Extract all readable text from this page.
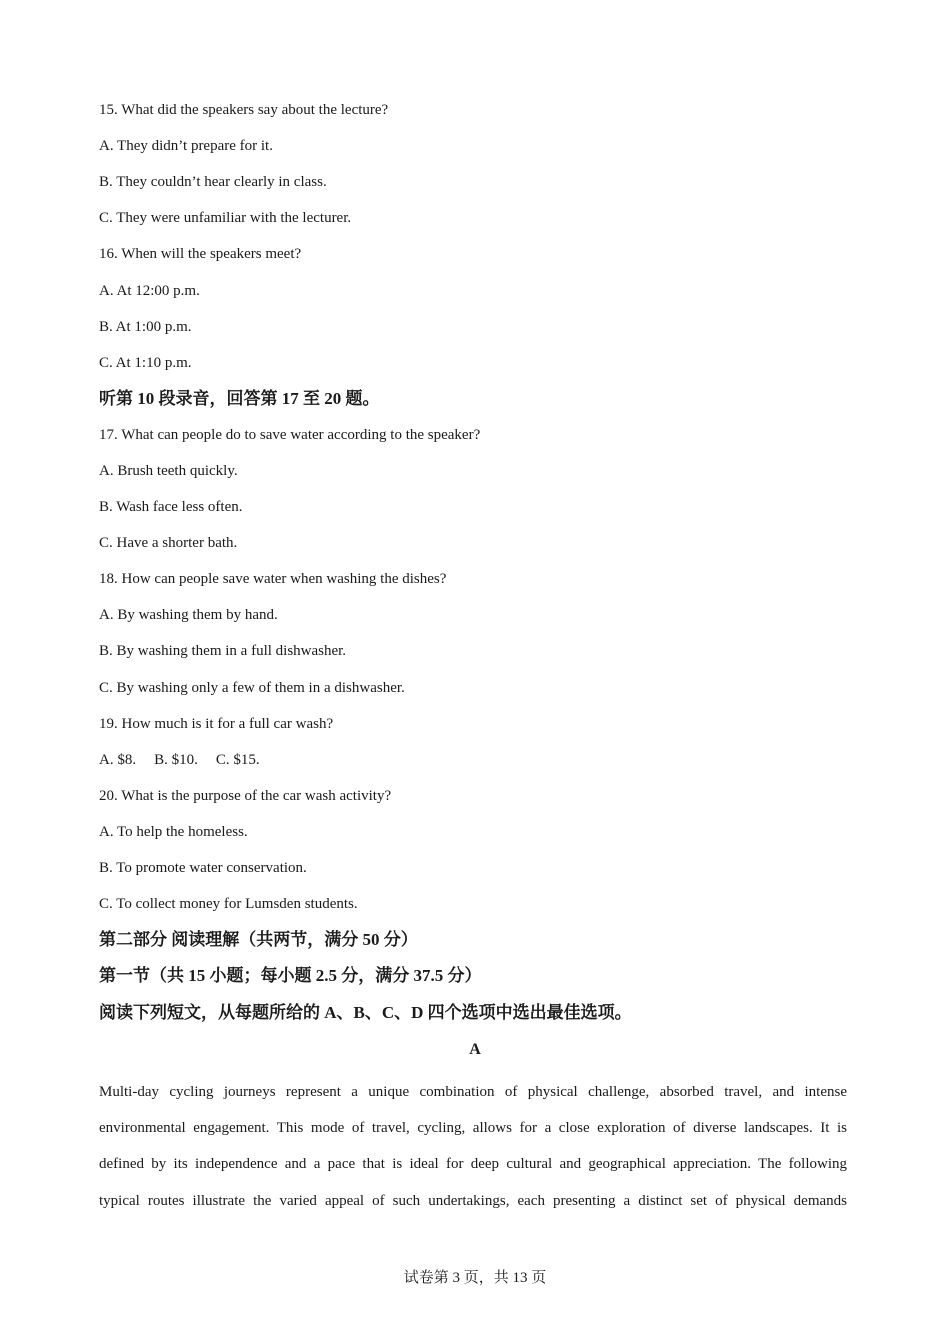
15. What did the speakers say about the lecture?
A. They didn’t prepare for it.
B. They couldn’t hear clearly in class.
C. They were unfamiliar with the lecturer.
16. When will the speakers meet?
A. At 12:00 p.m.
B. At 1:00 p.m.
C. At 1:10 p.m.
听第 10 段录音，回答第 17 至 20 题。
17. What can people do to save water according to the speaker?
A. Brush teeth quickly.
B. Wash face less often.
C. Have a shorter bath.
18. How can people save water when washing the dishes?
A. By washing them by hand.
B. By washing them in a full dishwasher.
C. By washing only a few of them in a dishwasher.
19. How much is it for a full car wash?
A. $8. B. $10. C. $15.
20. What is the purpose of the car wash activity?
A. To help the homeless.
B. To promote water conservation.
C. To collect money for Lumsden students.
第二部分 阅读理解（共两节，满分 50 分）
第一节（共 15 小题；每小题 2.5 分，满分 37.5 分）
阅读下列短文，从每题所给的 A、B、C、D 四个选项中选出最佳选项。
A
Multi-day cycling journeys represent a unique combination of physical challenge, absorbed travel, and intense
environmental engagement. This mode of travel, cycling, allows for a close exploration of diverse landscapes. It is
defined by its independence and a pace that is ideal for deep cultural and geographical appreciation. The following
typical routes illustrate the varied appeal of such undertakings, each presenting a distinct set of physical demands
试卷第 3 页，共 13 页
